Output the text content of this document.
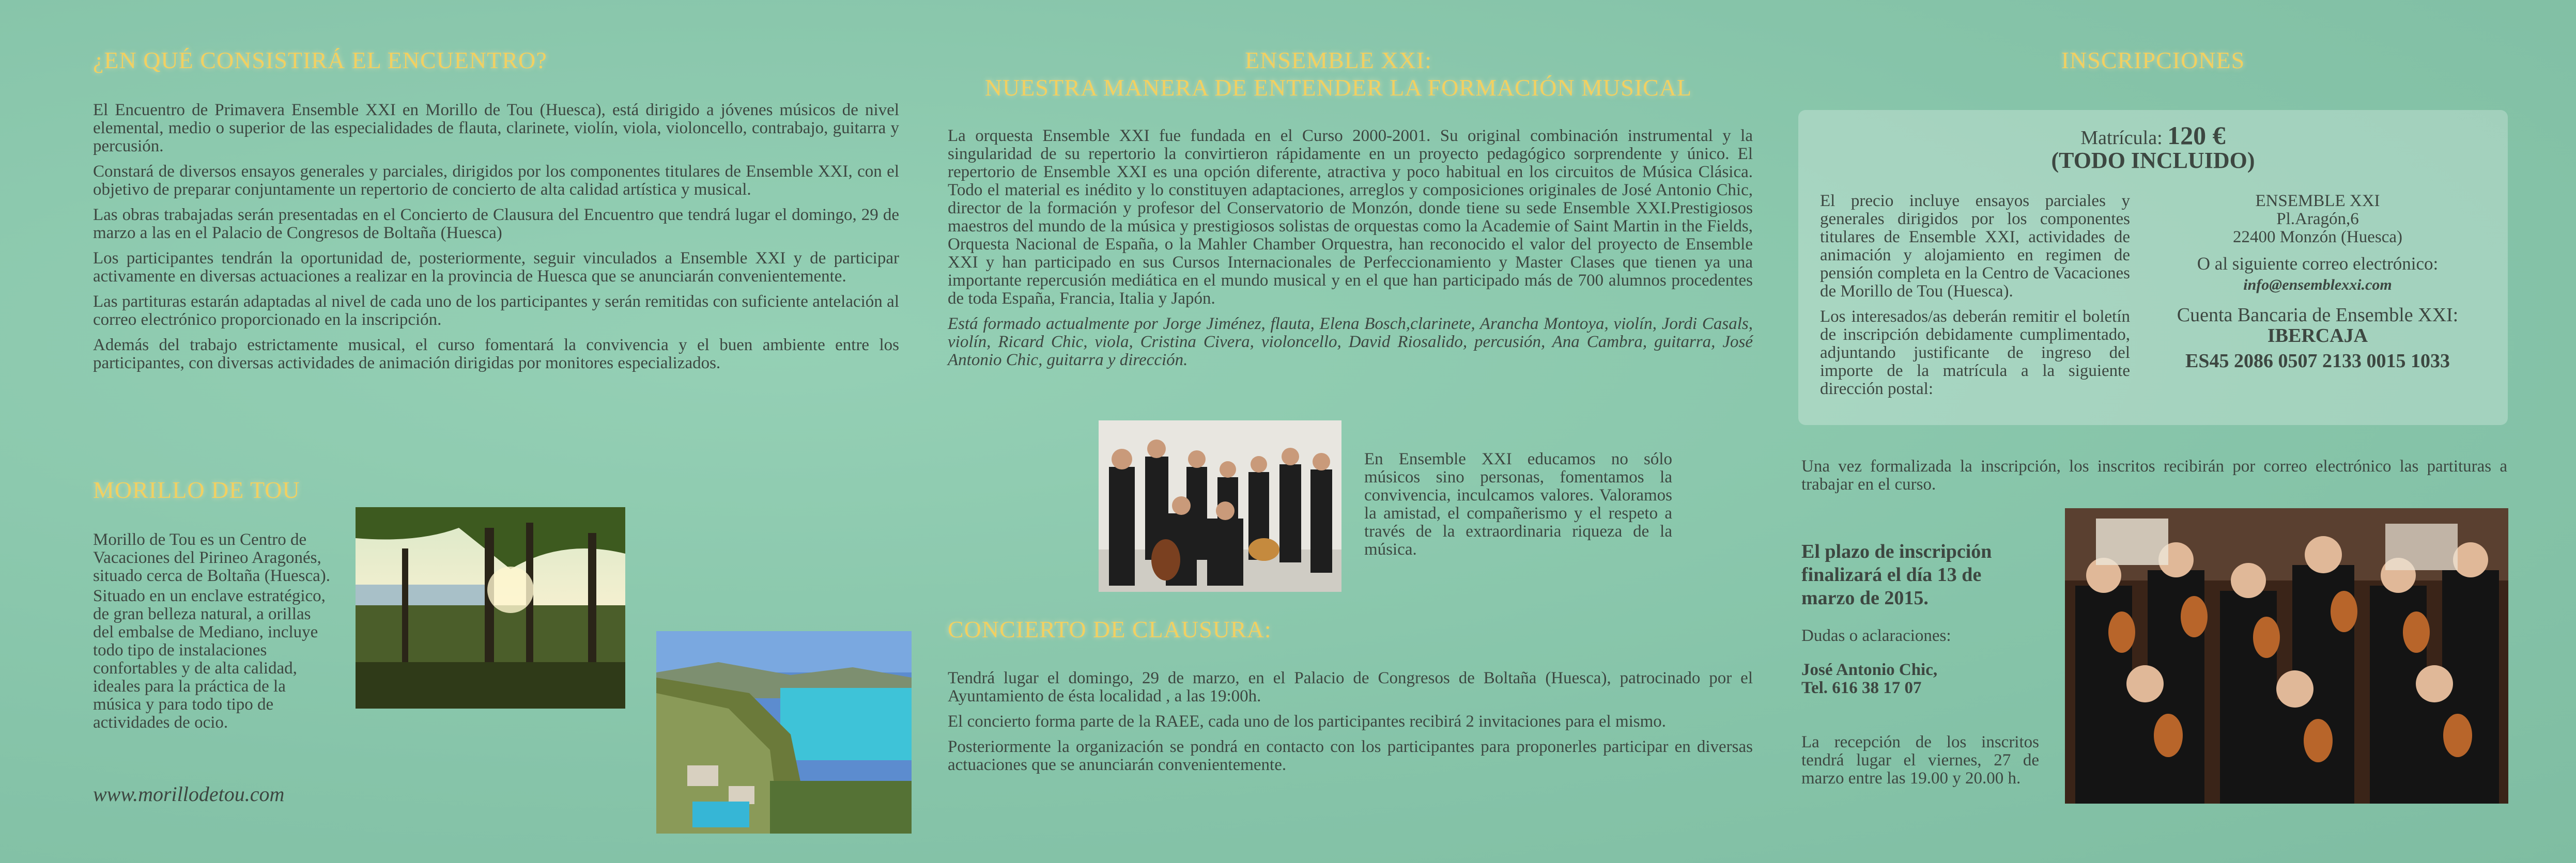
¿EN QUÉ CONSISTIRÁ EL ENCUENTRO?

El Encuentro de Primavera Ensemble XXI en Morillo de Tou (Huesca), está dirigido a jóvenes músicos de nivel elemental, medio o superior de las especialidades de flauta, clarinete, violín, viola, violoncello, contrabajo, guitarra y percusión.

Constará de diversos ensayos generales y parciales, dirigidos por los componentes titulares de Ensemble XXI, con el objetivo de preparar conjuntamente un repertorio de concierto de alta calidad artística y musical.

Las obras trabajadas serán presentadas en el Concierto de Clausura del Encuentro que tendrá lugar el domingo, 29 de marzo a las en el Palacio de Congresos de Boltaña (Huesca)

Los participantes tendrán la oportunidad de, posteriormente, seguir vinculados a Ensemble XXI y de participar activamente en diversas actuaciones a realizar en la provincia de Huesca que se anunciarán convenientemente.

Las partituras estarán adaptadas al nivel de cada uno de los participantes y serán remitidas con suficiente antelación al correo electrónico proporcionado en la inscripción.

Además del trabajo estrictamente musical, el curso fomentará la convivencia y el buen ambiente entre los participantes, con diversas actividades de animación dirigidas por monitores especializados.

MORILLO DE TOU

Morillo de Tou es un Centro de Vacaciones del Pirineo Aragonés, situado cerca de Boltaña (Huesca).

Situado en un enclave estratégico, de gran belleza natural, a orillas del embalse de Mediano, incluye todo tipo de instalaciones confortables y de alta calidad, ideales para la práctica de la música y para todo tipo de actividades de ocio.

www.morillodetou.com
ENSEMBLE XXI:
NUESTRA MANERA DE ENTENDER LA FORMACIÓN MUSICAL

La orquesta Ensemble XXI fue fundada en el Curso 2000-2001. Su original combinación instrumental y la singularidad de su repertorio la convirtieron rápidamente en un proyecto pedagógico sorprendente y único. El repertorio de Ensemble XXI es una opción diferente, atractiva y poco habitual en los circuitos de Música Clásica. Todo el material es inédito y lo constituyen adaptaciones, arreglos y composiciones originales de José Antonio Chic, director de la formación y profesor del Conservatorio de Monzón, donde tiene su sede Ensemble XXI.Prestigiosos maestros del mundo de la música y prestigiosos solistas de orquestas como la Academie of Saint Martin in the Fields, Orquesta Nacional de España, o la Mahler Chamber Orquestra, han reconocido el valor del proyecto de Ensemble XXI y han participado en sus Cursos Internacionales de Perfeccionamiento y Master Clases que tienen ya una importante repercusión mediática en el mundo musical y en el que han participado más de 700 alumnos procedentes de toda España, Francia, Italia y Japón.

Está formado actualmente por Jorge Jiménez, flauta, Elena Bosch,clarinete, Arancha Montoya, violín, Jordi Casals, violín, Ricard Chic, viola, Cristina Civera, violoncello, David Riosalido, percusión, Ana Cambra, guitarra, José Antonio Chic, guitarra y dirección.

En Ensemble XXI educamos no sólo músicos sino personas, fomentamos la convivencia, inculcamos valores. Valoramos la amistad, el compañerismo y el respeto a través de la extraordinaria riqueza de la música.
CONCIERTO DE CLAUSURA:

Tendrá lugar el domingo, 29 de marzo, en el Palacio de Congresos de Boltaña (Huesca), patrocinado por el Ayuntamiento de ésta localidad , a las 19:00h.

El concierto forma parte de la RAEE, cada uno de los participantes recibirá 2 invitaciones para el mismo.

Posteriormente la organización se pondrá en contacto con los participantes para proponerles participar en diversas actuaciones que se anunciarán convenientemente.

INSCRIPCIONES
Matrícula: 120 €
(TODO INCLUIDO)

El precio incluye ensayos parciales y generales dirigidos por los componentes titulares de Ensemble XXI, actividades de animación y alojamiento en regimen de pensión completa en la Centro de Vacaciones de Morillo de Tou (Huesca).

Los interesados/as deberán remitir el boletín de inscripción debidamente cumplimentado, adjuntando justificante de ingreso del importe de la matrícula a la siguiente dirección postal:

ENSEMBLE XXI
Pl.Aragón,6
22400 Monzón (Huesca)
O al siguiente correo electrónico:
info@ensemblexxi.com
Cuenta Bancaria de Ensemble XXI:
IBERCAJA
ES45 2086 0507 2133 0015 1033
Una vez formalizada la inscripción, los inscritos recibirán por correo electrónico las partituras a trabajar en el curso.
El plazo de inscripción finalizará el día 13 de marzo de 2015.
Dudas o aclaraciones:
José Antonio Chic,
Tel. 616 38 17 07
La recepción de los inscritos tendrá lugar el viernes, 27 de marzo entre las 19.00 y 20.00 h.
